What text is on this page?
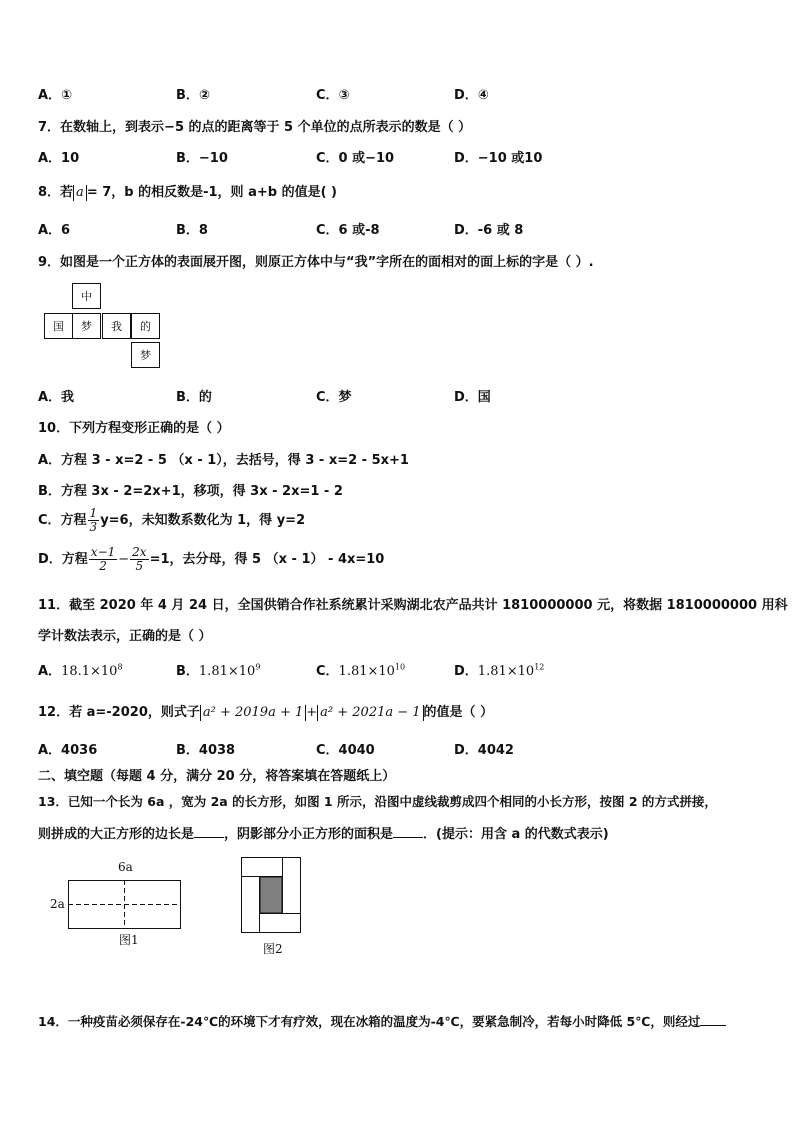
A．①	B．②	C．③	D．④
7．在数轴上，到表示−5 的点的距离等于 5 个单位的点所表示的数是（ ）
A．10	B．−10	C．0 或−10	D．−10 或10
8．若 a = 7，b 的相反数是-1，则 a+b 的值是( )
A．6	B．8	C．6 或-8	D．-6 或 8
9．如图是一个正方体的表面展开图，则原正方体中与“我”字所在的面相对的面上标的字是（ ）.
中
国	梦	我	的
梦
A．我	B．的	C．梦	D．国
10．下列方程变形正确的是（ ）
A．方程 3 - x=2 - 5 （x - 1），去括号，得 3 - x=2 - 5x+1
B．方程 3x - 2=2x+1，移项，得 3x - 2x=1 - 2
C．方程 $\frac{1}{3} y=6$，未知数系数化为 1，得 y=2
D．方程 $\frac{x-1}{2} - \frac{2x}{5} =1$，去分母，得 5 （x - 1） - 4x=10
11．截至 2020 年 4 月 24 日，全国供销合作社系统累计采购湖北农产品共计 1810000000 元，将数据 1810000000 用科
学计数法表示，正确的是（ ）
A．$18.1\times 10^8$	B．$1.81\times 10^9$	C．$1.81\times 10^{10}$	D．$1.81\times 10^{12}$
12．若 a=-2020，则式子 a² + 2019a + 1 + a² + 2021a − 1 的值是（ ）
A．4036	B．4038	C．4040	D．4042
二、填空题（每题 4 分，满分 20 分，将答案填在答题纸上）
13．已知一个长为 6a ，宽为 2a 的长方形，如图 1 所示，沿图中虚线裁剪成四个相同的小长方形，按图 2 的方式拼接，
则拼成的大正方形的边长是 ，阴影部分小正方形的面积是 ．(提示：用含 a 的代数式表示)
6a
2a
图1
图2
14．一种疫苗必须保存在-24℃的环境下才有疗效，现在冰箱的温度为-4℃，要紧急制冷，若每小时降低 5℃，则经过
